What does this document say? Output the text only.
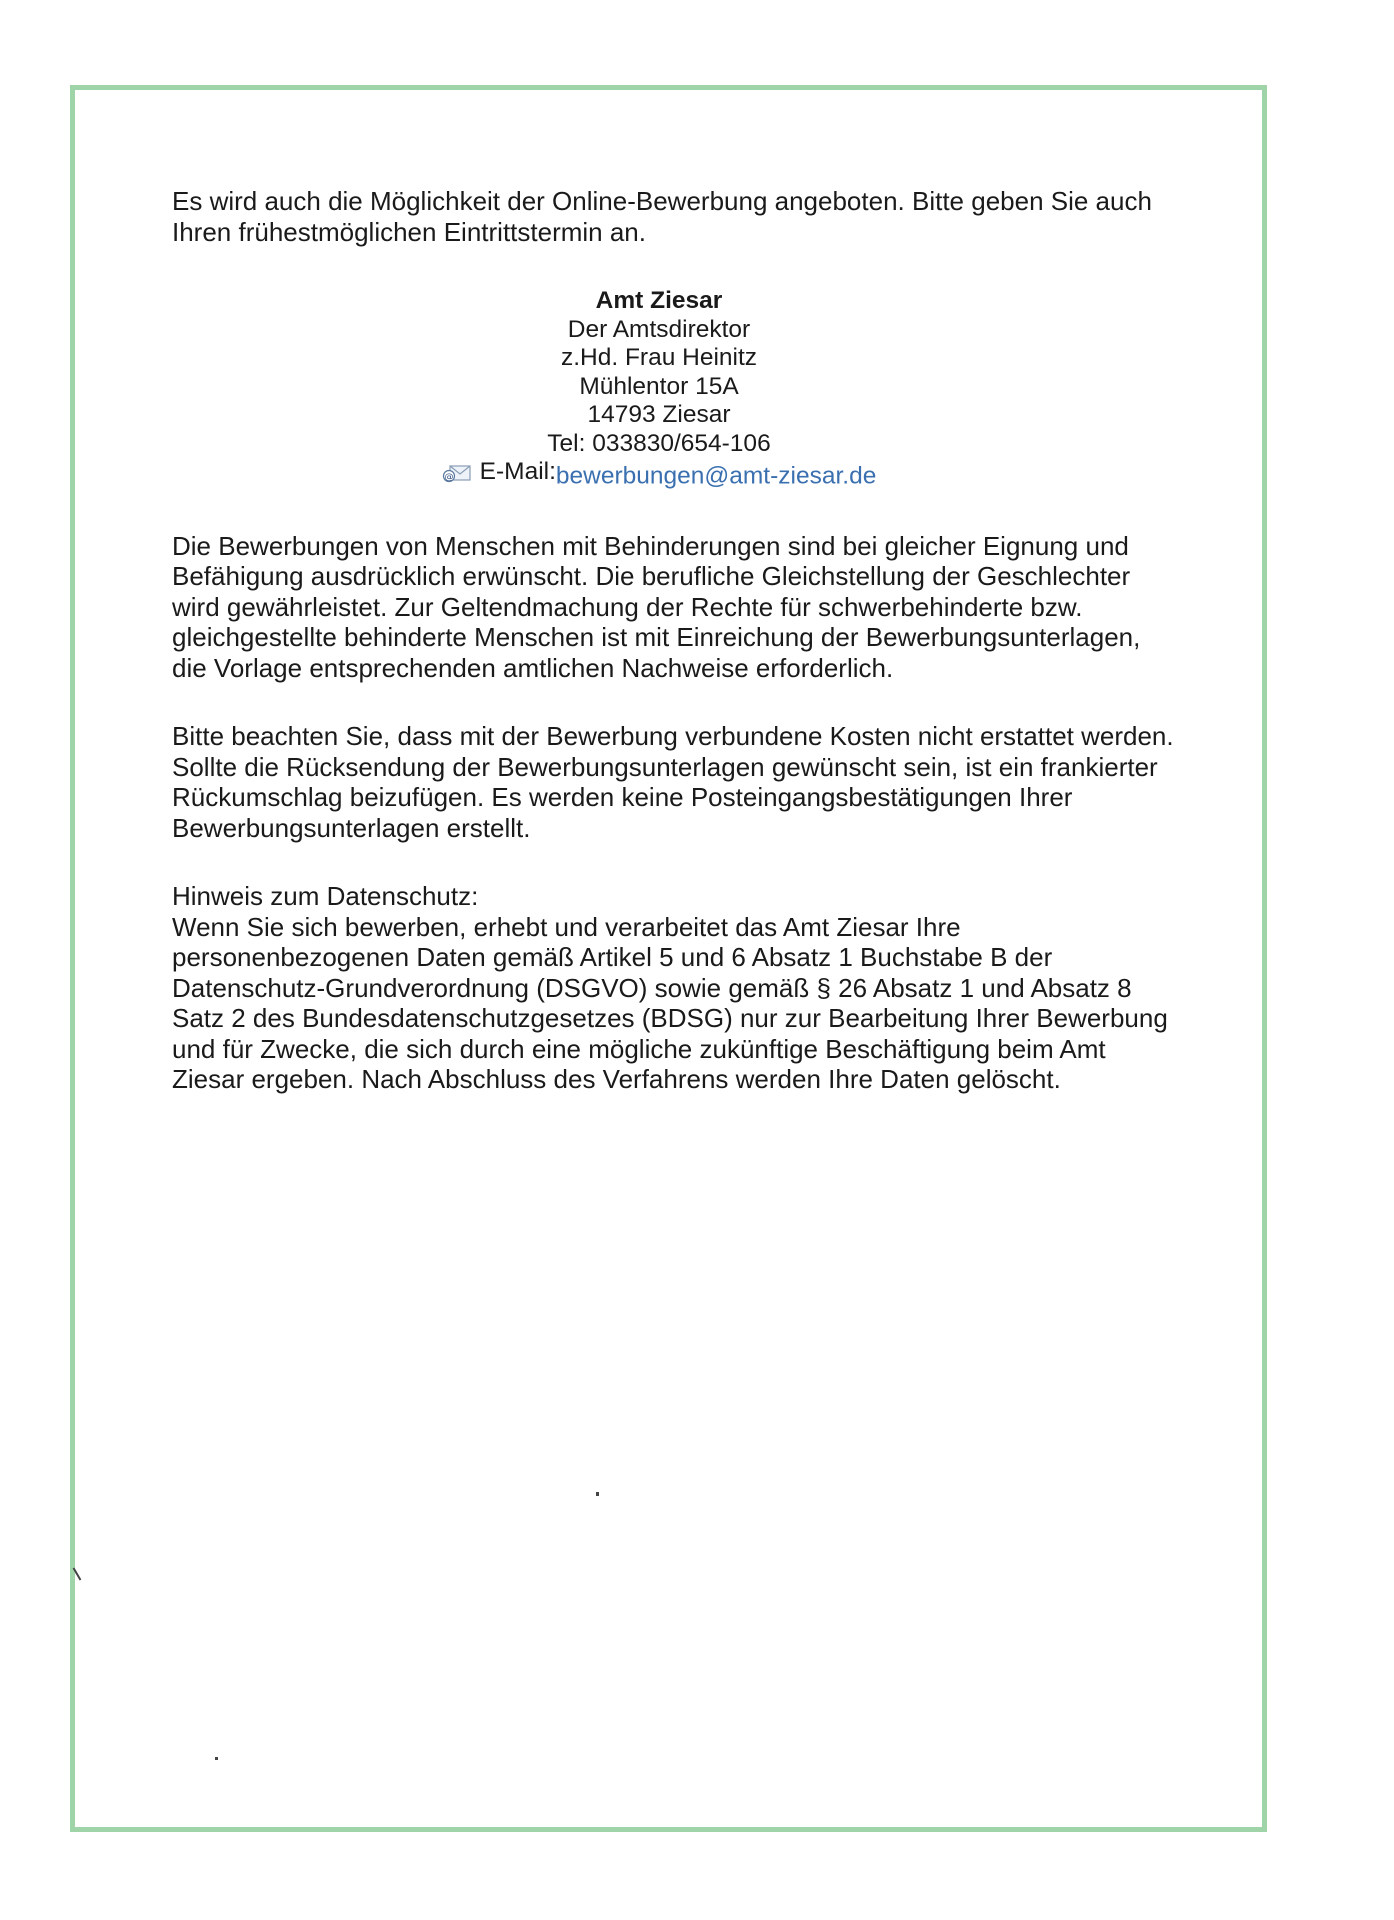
Es wird auch die Möglichkeit der Online-Bewerbung angeboten. Bitte geben Sie auch Ihren frühestmöglichen Eintrittstermin an.

Amt Ziesar
Der Amtsdirektor
z.Hd. Frau Heinitz
Mühlentor 15A
14793 Ziesar
Tel: 033830/654-106
@ E-Mail: bewerbungen@amt-ziesar.de

Die Bewerbungen von Menschen mit Behinderungen sind bei gleicher Eignung und Befähigung ausdrücklich erwünscht. Die berufliche Gleichstellung der Geschlechter wird gewährleistet. Zur Geltendmachung der Rechte für schwerbehinderte bzw. gleichgestellte behinderte Menschen ist mit Einreichung der Bewerbungsunterlagen, die Vorlage entsprechenden amtlichen Nachweise erforderlich.

Bitte beachten Sie, dass mit der Bewerbung verbundene Kosten nicht erstattet werden. Sollte die Rücksendung der Bewerbungsunterlagen gewünscht sein, ist ein frankierter Rückumschlag beizufügen. Es werden keine Posteingangsbestätigungen Ihrer Bewerbungsunterlagen erstellt.

Hinweis zum Datenschutz:

Wenn Sie sich bewerben, erhebt und verarbeitet das Amt Ziesar Ihre personenbezogenen Daten gemäß Artikel 5 und 6 Absatz 1 Buchstabe B der Datenschutz-Grundverordnung (DSGVO) sowie gemäß § 26 Absatz 1 und Absatz 8 Satz 2 des Bundesdatenschutzgesetzes (BDSG) nur zur Bearbeitung Ihrer Bewerbung und für Zwecke, die sich durch eine mögliche zukünftige Beschäftigung beim Amt Ziesar ergeben. Nach Abschluss des Verfahrens werden Ihre Daten gelöscht.
